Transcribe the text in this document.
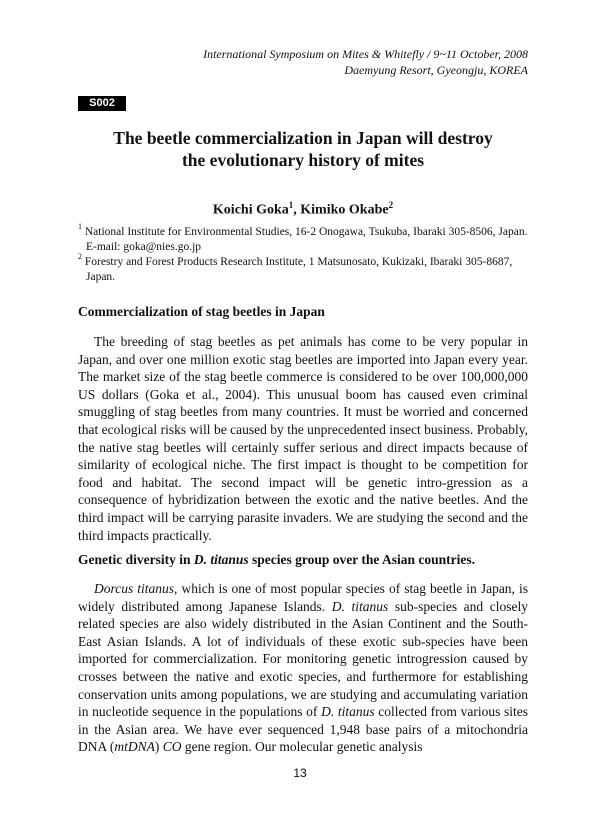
International Symposium on Mites & Whitefly / 9~11 October, 2008
Daemyung Resort, Gyeongju, KOREA
S002
The beetle commercialization in Japan will destroy
the evolutionary history of mites
Koichi Goka$^1$, Kimiko Okabe$^2$
$^1$ National Institute for Environmental Studies, 16-2 Onogawa, Tsukuba, Ibaraki 305-8506, Japan.
E-mail: goka@nies.go.jp
$^2$ Forestry and Forest Products Research Institute, 1 Matsunosato, Kukizaki, Ibaraki 305-8687,
Japan.
Commercialization of stag beetles in Japan
The breeding of stag beetles as pet animals has come to be very popular in Japan, and over one million exotic stag beetles are imported into Japan every year. The market size of the stag beetle commerce is considered to be over 100,000,000 US dollars (Goka et al., 2004). This unusual boom has caused even criminal smuggling of stag beetles from many countries. It must be worried and concerned that ecological risks will be caused by the unprecedented insect business. Probably, the native stag beetles will certainly suffer serious and direct impacts because of similarity of ecological niche. The first impact is thought to be competition for food and habitat. The second impact will be genetic intro-gression as a consequence of hybridization between the exotic and the native beetles. And the third impact will be carrying parasite invaders. We are studying the second and the third impacts practically.
Genetic diversity in D. titanus species group over the Asian countries.
Dorcus titanus, which is one of most popular species of stag beetle in Japan, is widely distributed among Japanese Islands. D. titanus sub-species and closely related species are also widely distributed in the Asian Continent and the South-East Asian Islands. A lot of individuals of these exotic sub-species have been imported for commercialization. For monitoring genetic introgression caused by crosses between the native and exotic species, and furthermore for establishing conservation units among populations, we are studying and accumulating variation in nucleotide sequence in the populations of D. titanus collected from various sites in the Asian area. We have ever sequenced 1,948 base pairs of a mitochondria DNA (mtDNA) CO gene region. Our molecular genetic analysis
13
